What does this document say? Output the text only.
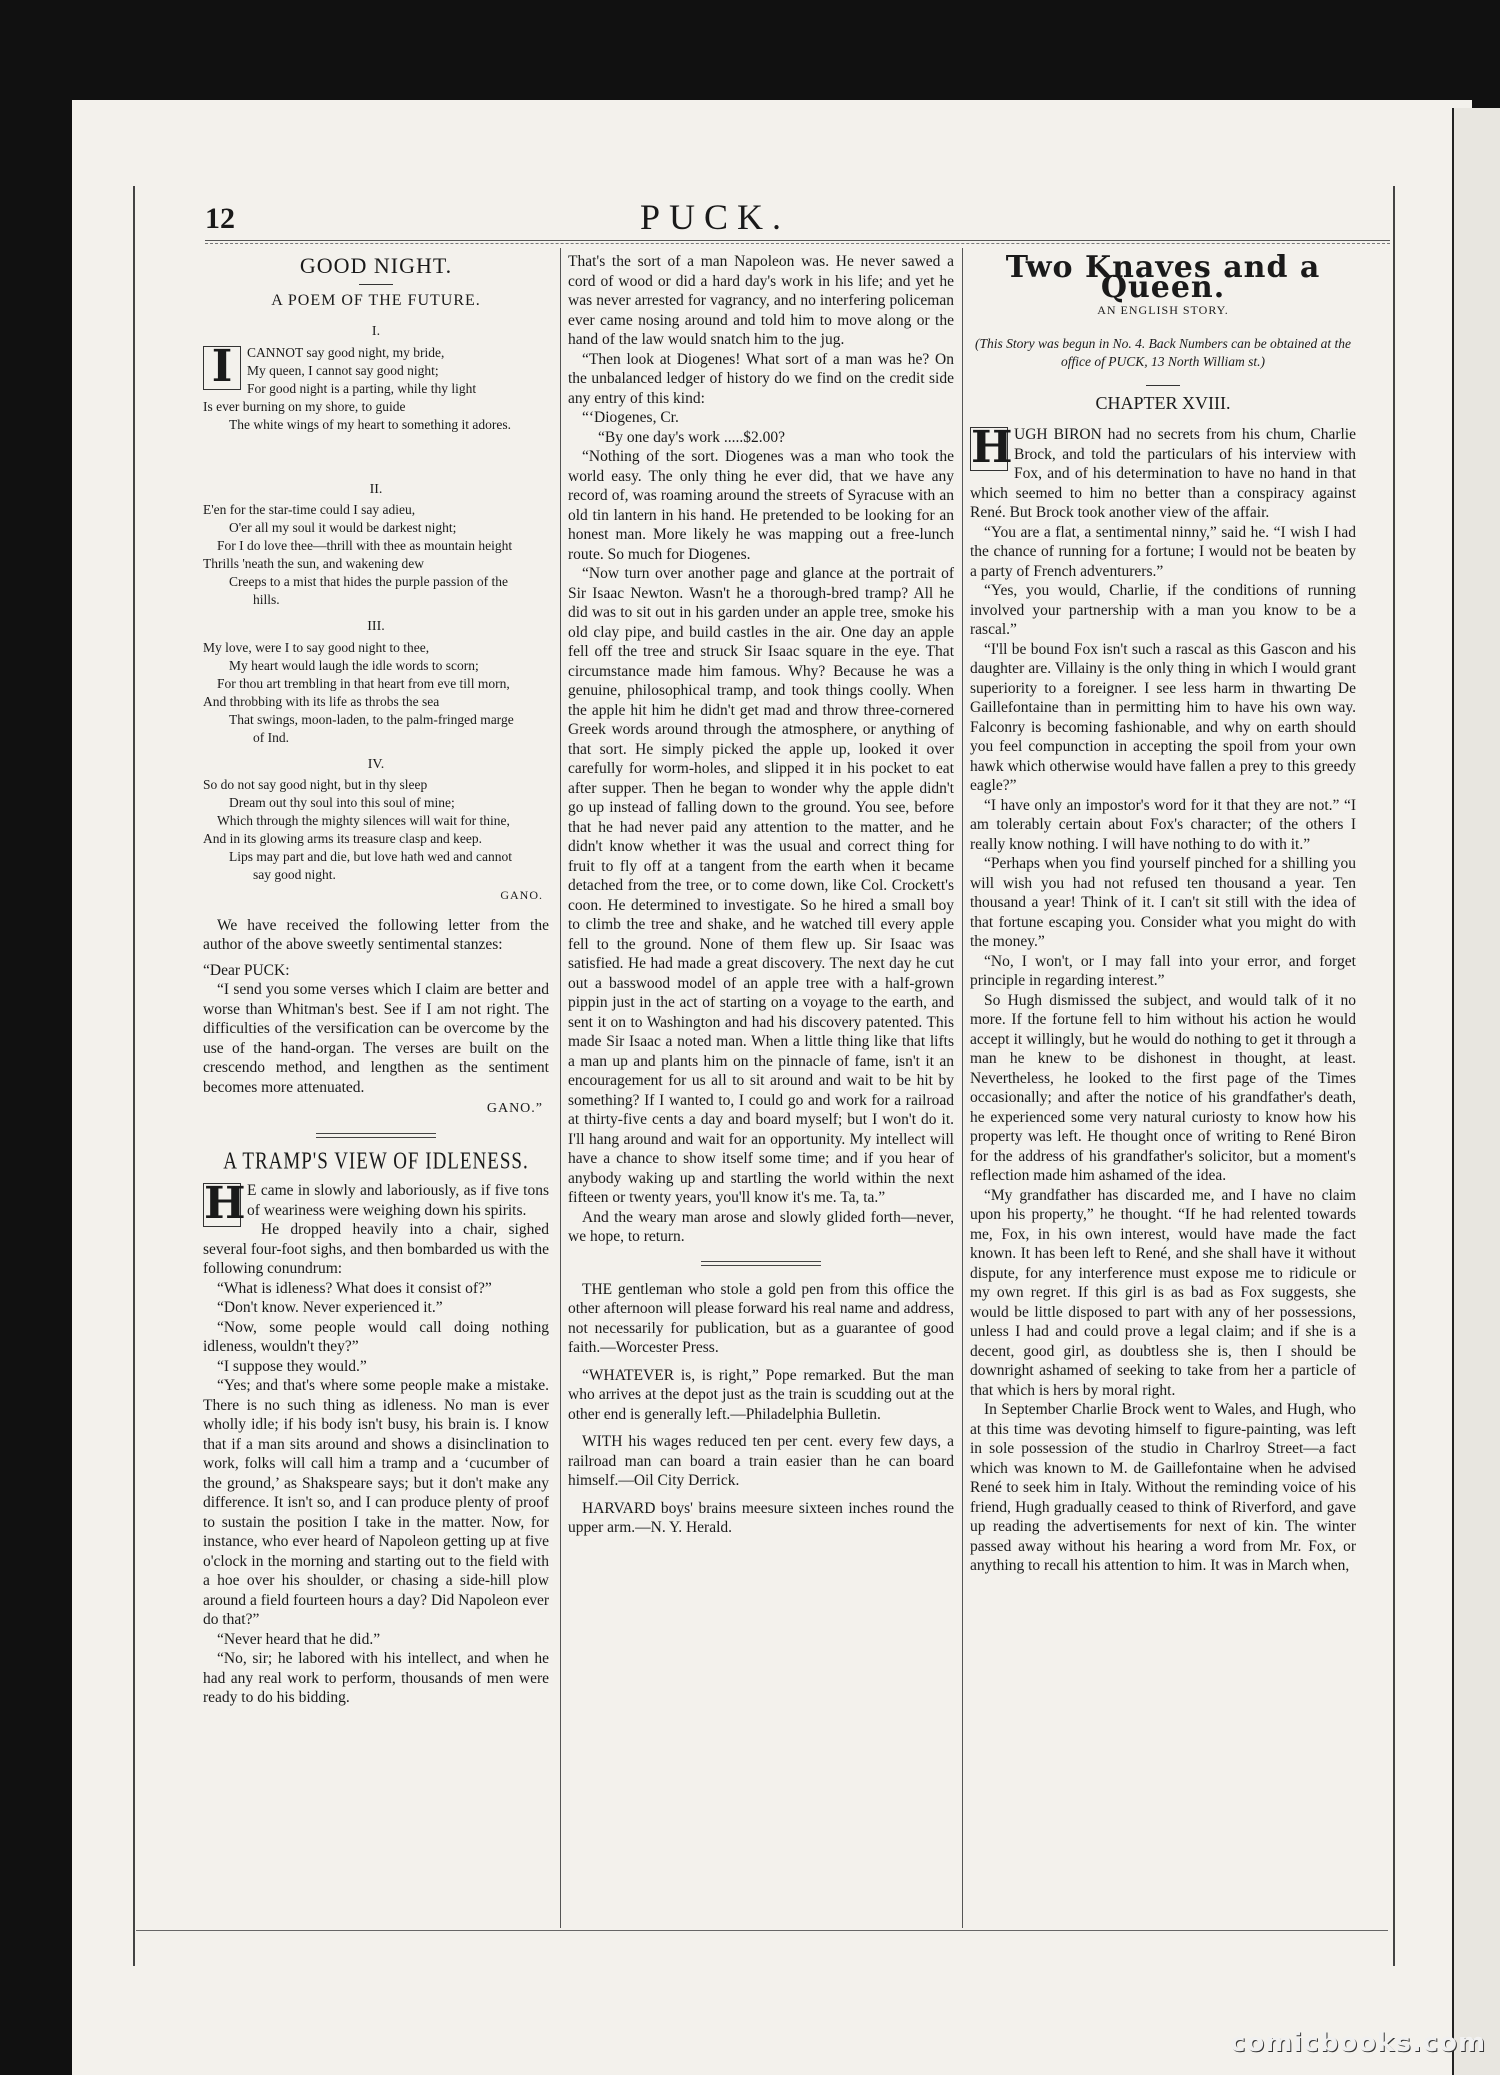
12	PUCK.
GOOD NIGHT.
A POEM OF THE FUTURE.
I.
I	CANNOT say good night, my bride,
My queen, I cannot say good night;
For good night is a parting, while thy light
Is ever burning on my shore, to guide
The white wings of my heart to something it adores.
II.
E'en for the star-time could I say adieu,
O'er all my soul it would be darkest night;
For I do love thee—thrill with thee as mountain height
Thrills 'neath the sun, and wakening dew
Creeps to a mist that hides the purple passion of the
hills.
III.
My love, were I to say good night to thee,
My heart would laugh the idle words to scorn;
For thou art trembling in that heart from eve till morn,
And throbbing with its life as throbs the sea
That swings, moon-laden, to the palm-fringed marge
of Ind.
IV.
So do not say good night, but in thy sleep
Dream out thy soul into this soul of mine;
Which through the mighty silences will wait for thine,
And in its glowing arms its treasure clasp and keep.
Lips may part and die, but love hath wed and cannot
say good night.
GANO.

We have received the following letter from the author of the above sweetly sentimental stanzes:

“Dear PUCK:

“I send you some verses which I claim are better and worse than Whitman's best. See if I am not right. The difficulties of the versification can be overcome by the use of the hand-organ. The verses are built on the crescendo method, and lengthen as the sentiment becomes more attenuated.

GANO.”
A TRAMP'S VIEW OF IDLENESS.

H E came in slowly and laboriously, as if five tons of weariness were weighing down his spirits.

He dropped heavily into a chair, sighed several four-foot sighs, and then bombarded us with the following conundrum:

“What is idleness? What does it consist of?”

“Don't know. Never experienced it.”

“Now, some people would call doing nothing idleness, wouldn't they?”

“I suppose they would.”

“Yes; and that's where some people make a mistake. There is no such thing as idleness. No man is ever wholly idle; if his body isn't busy, his brain is. I know that if a man sits around and shows a disinclination to work, folks will call him a tramp and a ‘cucumber of the ground,’ as Shakspeare says; but it don't make any difference. It isn't so, and I can produce plenty of proof to sustain the position I take in the matter. Now, for instance, who ever heard of Napoleon getting up at five o'clock in the morning and starting out to the field with a hoe over his shoulder, or chasing a side-hill plow around a field fourteen hours a day? Did Napoleon ever do that?”

“Never heard that he did.”

“No, sir; he labored with his intellect, and when he had any real work to perform, thousands of men were ready to do his bidding.

That's the sort of a man Napoleon was. He never sawed a cord of wood or did a hard day's work in his life; and yet he was never arrested for vagrancy, and no interfering policeman ever came nosing around and told him to move along or the hand of the law would snatch him to the jug.

“Then look at Diogenes! What sort of a man was he? On the unbalanced ledger of history do we find on the credit side any entry of this kind:

“‘Diogenes, Cr.

“By one day's work .....$2.00?

“Nothing of the sort. Diogenes was a man who took the world easy. The only thing he ever did, that we have any record of, was roaming around the streets of Syracuse with an old tin lantern in his hand. He pretended to be looking for an honest man. More likely he was mapping out a free-lunch route. So much for Diogenes.

“Now turn over another page and glance at the portrait of Sir Isaac Newton. Wasn't he a thorough-bred tramp? All he did was to sit out in his garden under an apple tree, smoke his old clay pipe, and build castles in the air. One day an apple fell off the tree and struck Sir Isaac square in the eye. That circumstance made him famous. Why? Because he was a genuine, philosophical tramp, and took things coolly. When the apple hit him he didn't get mad and throw three-cornered Greek words around through the atmosphere, or anything of that sort. He simply picked the apple up, looked it over carefully for worm-holes, and slipped it in his pocket to eat after supper. Then he began to wonder why the apple didn't go up instead of falling down to the ground. You see, before that he had never paid any attention to the matter, and he didn't know whether it was the usual and correct thing for fruit to fly off at a tangent from the earth when it became detached from the tree, or to come down, like Col. Crockett's coon. He determined to investigate. So he hired a small boy to climb the tree and shake, and he watched till every apple fell to the ground. None of them flew up. Sir Isaac was satisfied. He had made a great discovery. The next day he cut out a basswood model of an apple tree with a half-grown pippin just in the act of starting on a voyage to the earth, and sent it on to Washington and had his discovery patented. This made Sir Isaac a noted man. When a little thing like that lifts a man up and plants him on the pinnacle of fame, isn't it an encouragement for us all to sit around and wait to be hit by something? If I wanted to, I could go and work for a railroad at thirty-five cents a day and board myself; but I won't do it. I'll hang around and wait for an opportunity. My intellect will have a chance to show itself some time; and if you hear of anybody waking up and startling the world within the next fifteen or twenty years, you'll know it's me. Ta, ta.”

And the weary man arose and slowly glided forth—never, we hope, to return.

THE gentleman who stole a gold pen from this office the other afternoon will please forward his real name and address, not necessarily for publication, but as a guarantee of good faith.—Worcester Press.

“WHATEVER is, is right,” Pope remarked. But the man who arrives at the depot just as the train is scudding out at the other end is generally left.—Philadelphia Bulletin.

WITH his wages reduced ten per cent. every few days, a railroad man can board a train easier than he can board himself.—Oil City Derrick.

HARVARD boys' brains meesure sixteen inches round the upper arm.—N. Y. Herald.

Two Knaves and a Queen.
AN ENGLISH STORY.
(This Story was begun in No. 4. Back Numbers can be obtained at the office of PUCK, 13 North William st.)
CHAPTER XVIII.

H UGH BIRON had no secrets from his chum, Charlie Brock, and told the particulars of his interview with Fox, and of his determination to have no hand in that which seemed to him no better than a conspiracy against René. But Brock took another view of the affair.

“You are a flat, a sentimental ninny,” said he. “I wish I had the chance of running for a fortune; I would not be beaten by a party of French adventurers.”

“Yes, you would, Charlie, if the conditions of running involved your partnership with a man you know to be a rascal.”

“I'll be bound Fox isn't such a rascal as this Gascon and his daughter are. Villainy is the only thing in which I would grant superiority to a foreigner. I see less harm in thwarting De Gaillefontaine than in permitting him to have his own way. Falconry is becoming fashionable, and why on earth should you feel compunction in accepting the spoil from your own hawk which otherwise would have fallen a prey to this greedy eagle?”

“I have only an impostor's word for it that they are not.” “I am tolerably certain about Fox's character; of the others I really know nothing. I will have nothing to do with it.”

“Perhaps when you find yourself pinched for a shilling you will wish you had not refused ten thousand a year. Ten thousand a year! Think of it. I can't sit still with the idea of that fortune escaping you. Consider what you might do with the money.”

“No, I won't, or I may fall into your error, and forget principle in regarding interest.”

So Hugh dismissed the subject, and would talk of it no more. If the fortune fell to him without his action he would accept it willingly, but he would do nothing to get it through a man he knew to be dishonest in thought, at least. Nevertheless, he looked to the first page of the Times occasionally; and after the notice of his grandfather's death, he experienced some very natural curiosty to know how his property was left. He thought once of writing to René Biron for the address of his grandfather's solicitor, but a moment's reflection made him ashamed of the idea.

“My grandfather has discarded me, and I have no claim upon his property,” he thought. “If he had relented towards me, Fox, in his own interest, would have made the fact known. It has been left to René, and she shall have it without dispute, for any interference must expose me to ridicule or my own regret. If this girl is as bad as Fox suggests, she would be little disposed to part with any of her possessions, unless I had and could prove a legal claim; and if she is a decent, good girl, as doubtless she is, then I should be downright ashamed of seeking to take from her a particle of that which is hers by moral right.

In September Charlie Brock went to Wales, and Hugh, who at this time was devoting himself to figure-painting, was left in sole possession of the studio in Charlroy Street—a fact which was known to M. de Gaillefontaine when he advised René to seek him in Italy. Without the reminding voice of his friend, Hugh gradually ceased to think of Riverford, and gave up reading the advertisements for next of kin. The winter passed away without his hearing a word from Mr. Fox, or anything to recall his attention to him. It was in March when,

comicbooks.com
